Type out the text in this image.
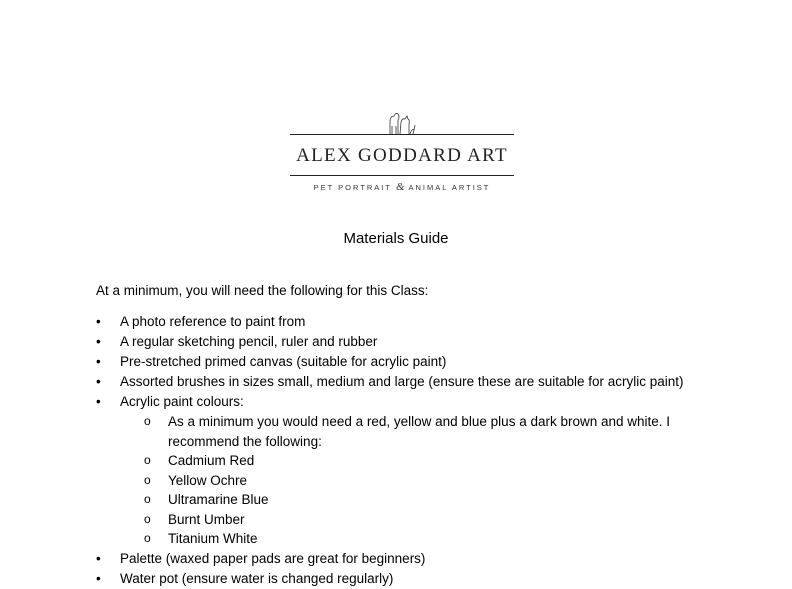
ALEX GODDARD ART
PET PORTRAIT & ANIMAL ARTIST
Materials Guide
At a minimum, you will need the following for this Class:
• A photo reference to paint from
• A regular sketching pencil, ruler and rubber
• Pre-stretched primed canvas (suitable for acrylic paint)
• Assorted brushes in sizes small, medium and large (ensure these are suitable for acrylic paint)
• Acrylic paint colours:
o As a minimum you would need a red, yellow and blue plus a dark brown and white. I recommend the following:
o Cadmium Red
o Yellow Ochre
o Ultramarine Blue
o Burnt Umber
o Titanium White
• Palette (waxed paper pads are great for beginners)
• Water pot (ensure water is changed regularly)
